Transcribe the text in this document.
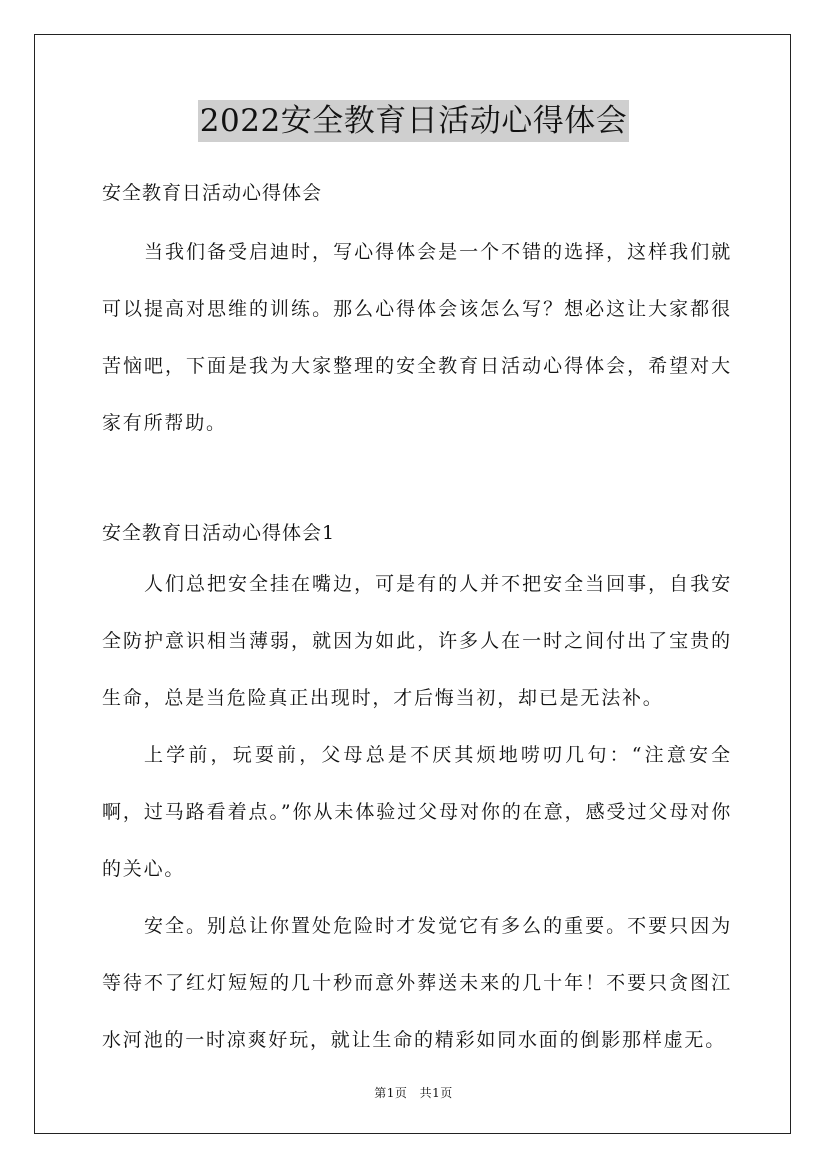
2022安全教育日活动心得体会

安全教育日活动心得体会

当我们备受启迪时，写心得体会是一个不错的选择，这样我们就可以提高对思维的训练。那么心得体会该怎么写？想必这让大家都很苦恼吧，下面是我为大家整理的安全教育日活动心得体会，希望对大家有所帮助。

安全教育日活动心得体会1

人们总把安全挂在嘴边，可是有的人并不把安全当回事，自我安全防护意识相当薄弱，就因为如此，许多人在一时之间付出了宝贵的生命，总是当危险真正出现时，才后悔当初，却已是无法补。

上学前，玩耍前，父母总是不厌其烦地唠叨几句：“注意安全啊，过马路看着点。”你从未体验过父母对你的在意，感受过父母对你的关心。

安全。别总让你置处危险时才发觉它有多么的重要。不要只因为等待不了红灯短短的几十秒而意外葬送未来的几十年！不要只贪图江水河池的一时凉爽好玩，就让生命的精彩如同水面的倒影那样虚无。

第1页 共1页
